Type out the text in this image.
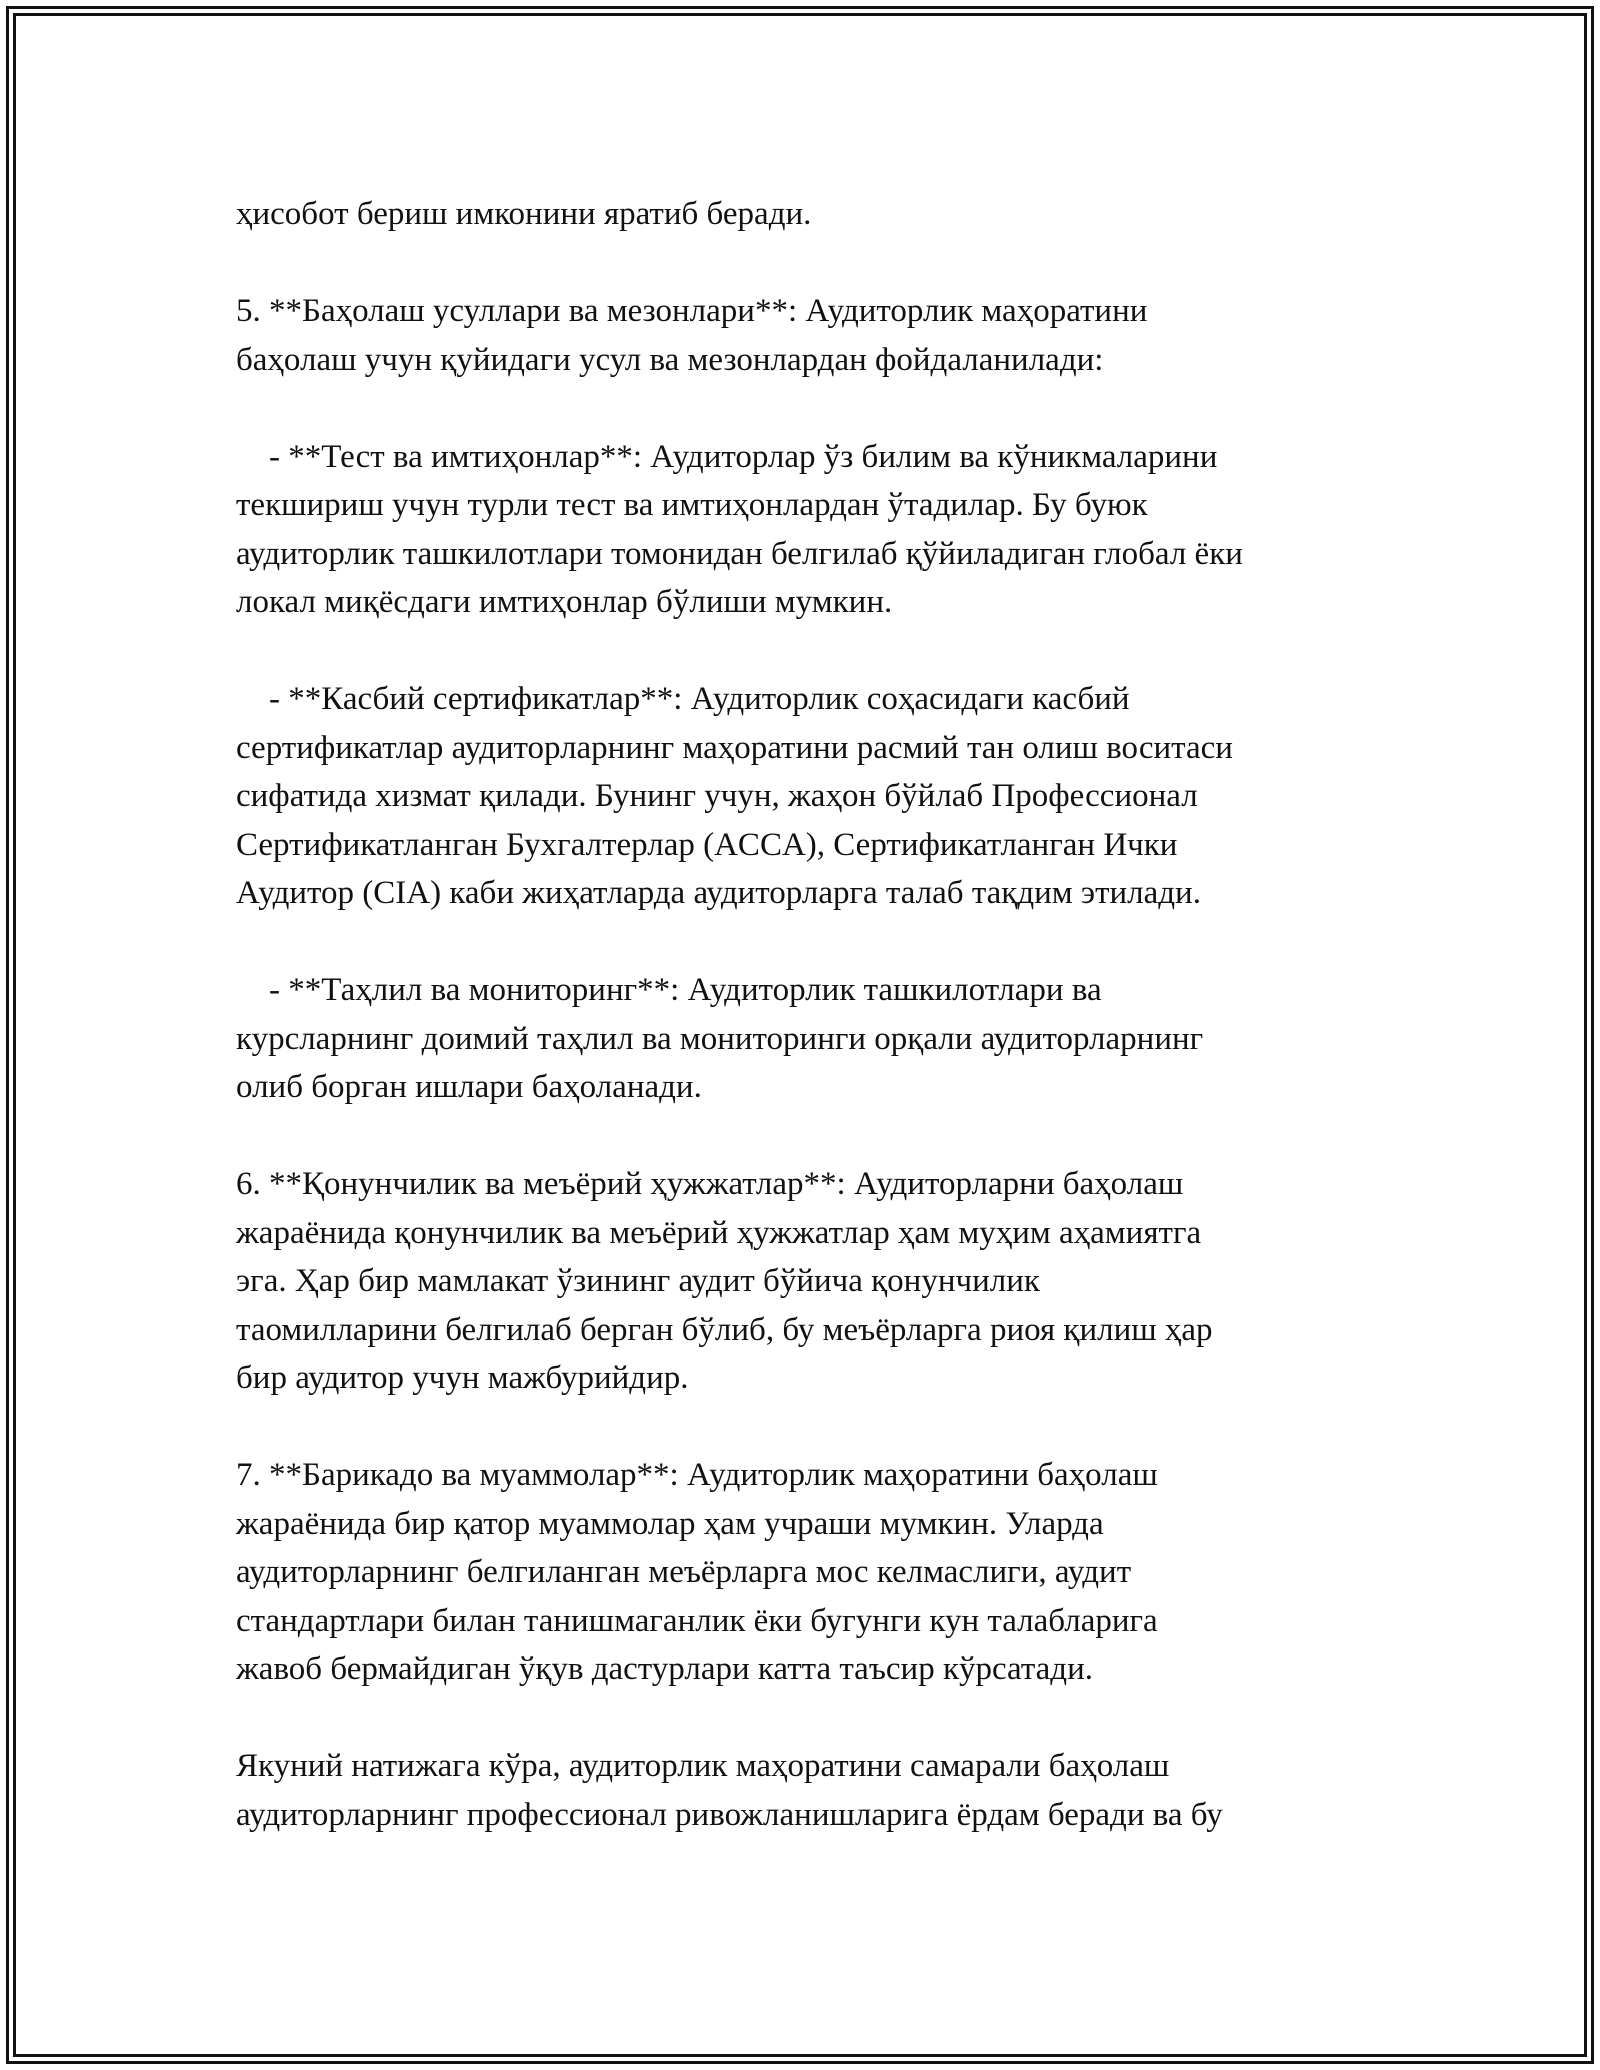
ҳисобот бериш имконини яратиб беради.
5. **Баҳолаш усуллари ва мезонлари**: Аудиторлик маҳоратини
баҳолаш учун қуйидаги усул ва мезонлардан фойдаланилади:
- **Тест ва имтиҳонлар**: Аудиторлар ўз билим ва кўникмаларини
текшириш учун турли тест ва имтиҳонлардан ўтадилар. Бу буюк
аудиторлик ташкилотлари томонидан белгилаб қўйиладиган глобал ёки
локал миқёсдаги имтиҳонлар бўлиши мумкин.
- **Касбий сертификатлар**: Аудиторлик соҳасидаги касбий
сертификатлар аудиторларнинг маҳоратини расмий тан олиш воситаси
сифатида хизмат қилади. Бунинг учун, жаҳон бўйлаб Профессионал
Сертификатланган Бухгалтерлар (ACCA), Сертификатланган Ички
Аудитор (CIA) каби жиҳатларда аудиторларга талаб тақдим этилади.
- **Таҳлил ва мониторинг**: Аудиторлик ташкилотлари ва
курсларнинг доимий таҳлил ва мониторинги орқали аудиторларнинг
олиб борган ишлари баҳоланади.
6. **Қонунчилик ва меъёрий ҳужжатлар**: Аудиторларни баҳолаш
жараёнида қонунчилик ва меъёрий ҳужжатлар ҳам муҳим аҳамиятга
эга. Ҳар бир мамлакат ўзининг аудит бўйича қонунчилик
таомилларини белгилаб берган бўлиб, бу меъёрларга риоя қилиш ҳар
бир аудитор учун мажбурийдир.
7. **Барикадо ва муаммолар**: Аудиторлик маҳоратини баҳолаш
жараёнида бир қатор муаммолар ҳам учраши мумкин. Уларда
аудиторларнинг белгиланган меъёрларга мос келмаслиги, аудит
стандартлари билан танишмаганлик ёки бугунги кун талабларига
жавоб бермайдиган ўқув дастурлари катта таъсир кўрсатади.
Якуний натижага кўра, аудиторлик маҳоратини самарали баҳолаш
аудиторларнинг профессионал ривожланишларига ёрдам беради ва бу
